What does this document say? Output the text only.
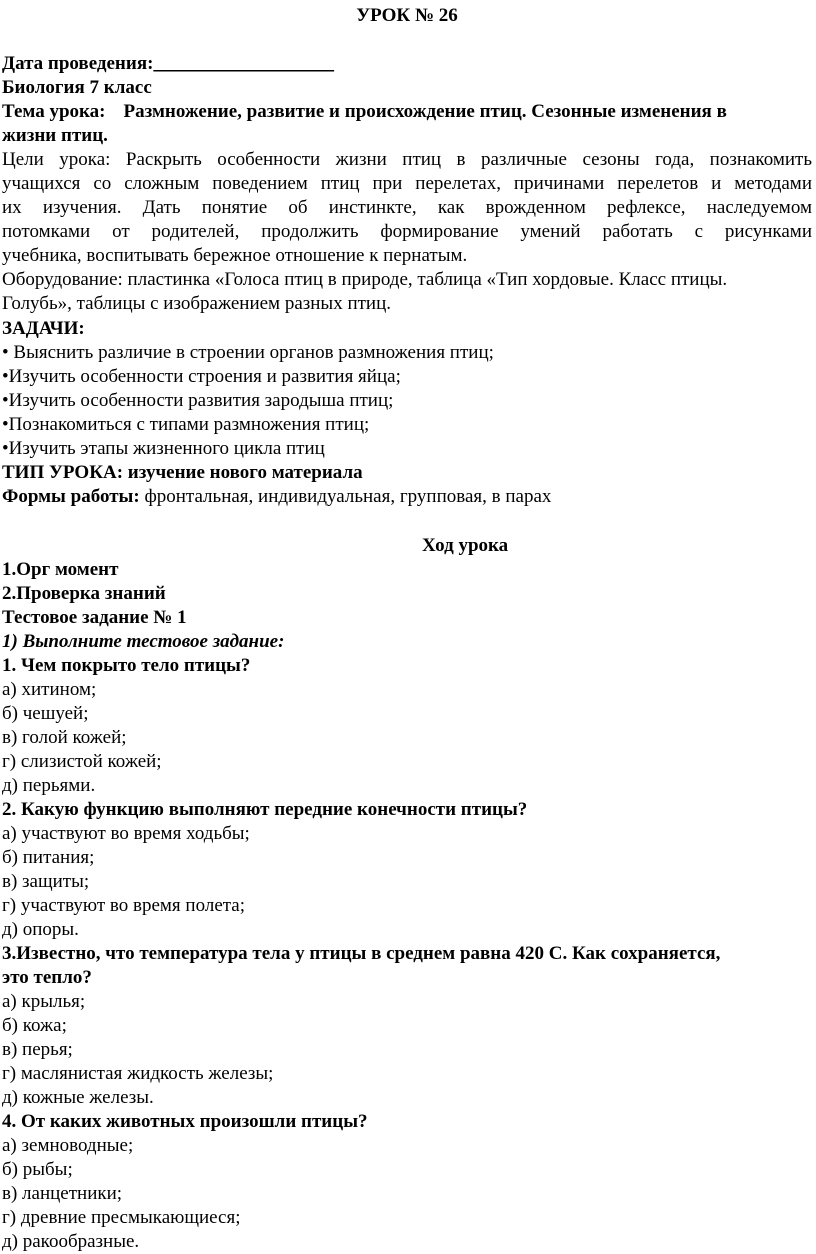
УРОК № 26
Дата проведения:___________________
Биология 7 класс
Тема урока: Размножение, развитие и происхождение птиц. Сезонные изменения в
жизни птиц.
Цели урока: Раскрыть особенности жизни птиц в различные сезоны года, познакомить
учащихся со сложным поведением птиц при перелетах, причинами перелетов и методами
их изучения. Дать понятие об инстинкте, как врожденном рефлексе, наследуемом
потомками от родителей, продолжить формирование умений работать с рисунками
учебника, воспитывать бережное отношение к пернатым.
Оборудование: пластинка «Голоса птиц в природе, таблица «Тип хордовые. Класс птицы.
Голубь», таблицы с изображением разных птиц.
ЗАДАЧИ:
• Выяснить различие в строении органов размножения птиц;
•Изучить особенности строения и развития яйца;
•Изучить особенности развития зародыша птиц;
•Познакомиться с типами размножения птиц;
•Изучить этапы жизненного цикла птиц
ТИП УРОКА: изучение нового материала
Формы работы: фронтальная, индивидуальная, групповая, в парах
Ход урока
1.Орг момент
2.Проверка знаний
Тестовое задание № 1
1) Выполните тестовое задание:
1. Чем покрыто тело птицы?
а) хитином;
б) чешуей;
в) голой кожей;
г) слизистой кожей;
д) перьями.
2. Какую функцию выполняют передние конечности птицы?
а) участвуют во время ходьбы;
б) питания;
в) защиты;
г) участвуют во время полета;
д) опоры.
3.Известно, что температура тела у птицы в среднем равна 420 С. Как сохраняется,
это тепло?
а) крылья;
б) кожа;
в) перья;
г) маслянистая жидкость железы;
д) кожные железы.
4. От каких животных произошли птицы?
а) земноводные;
б) рыбы;
в) ланцетники;
г) древние пресмыкающиеся;
д) ракообразные.
